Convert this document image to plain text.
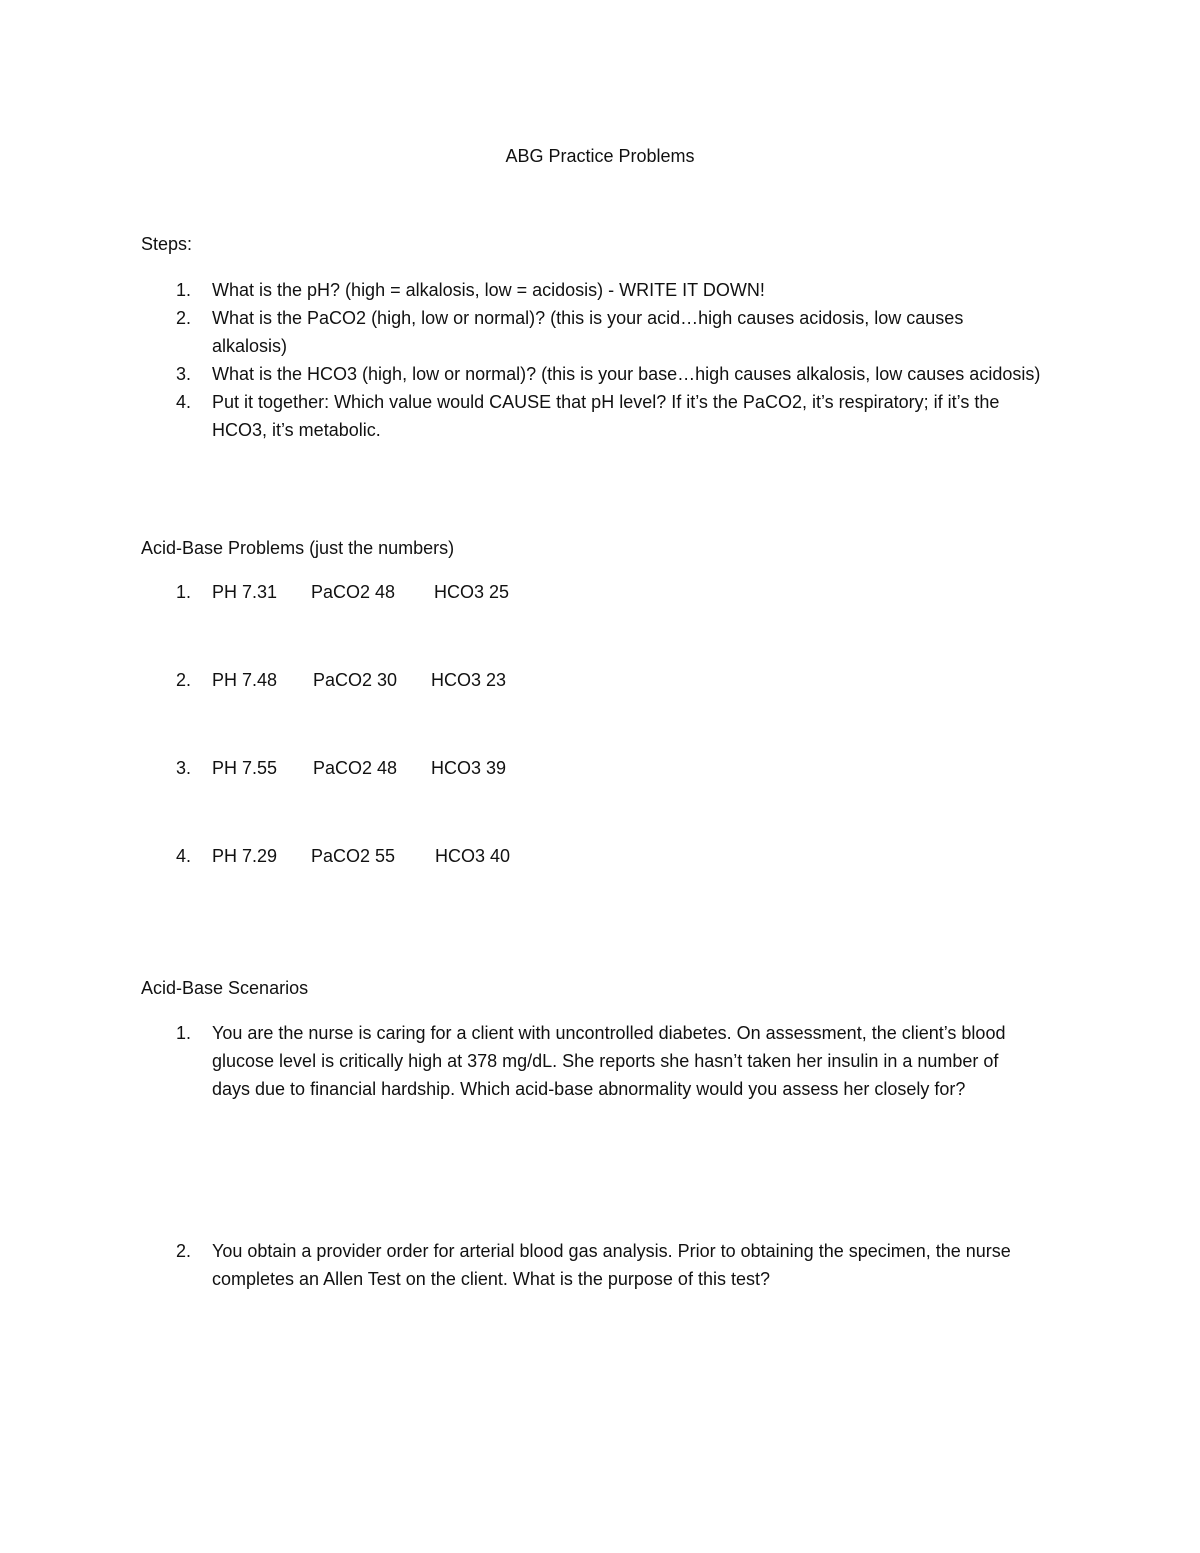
ABG Practice Problems
Steps:
1. What is the pH? (high = alkalosis, low = acidosis) - WRITE IT DOWN!
2. What is the PaCO2 (high, low or normal)? (this is your acid…high causes acidosis, low causes alkalosis)
3. What is the HCO3 (high, low or normal)? (this is your base…high causes alkalosis, low causes acidosis)
4. Put it together: Which value would CAUSE that pH level? If it’s the PaCO2, it’s respiratory; if it’s the HCO3, it’s metabolic.
Acid-Base Problems (just the numbers)
1. PH 7.31 PaCO2 48 HCO3 25
2. PH 7.48 PaCO2 30 HCO3 23
3. PH 7.55 PaCO2 48 HCO3 39
4. PH 7.29 PaCO2 55 HCO3 40
Acid-Base Scenarios
1. You are the nurse is caring for a client with uncontrolled diabetes. On assessment, the client’s blood glucose level is critically high at 378 mg/dL. She reports she hasn’t taken her insulin in a number of days due to financial hardship. Which acid-base abnormality would you assess her closely for?
2. You obtain a provider order for arterial blood gas analysis. Prior to obtaining the specimen, the nurse completes an Allen Test on the client. What is the purpose of this test?
